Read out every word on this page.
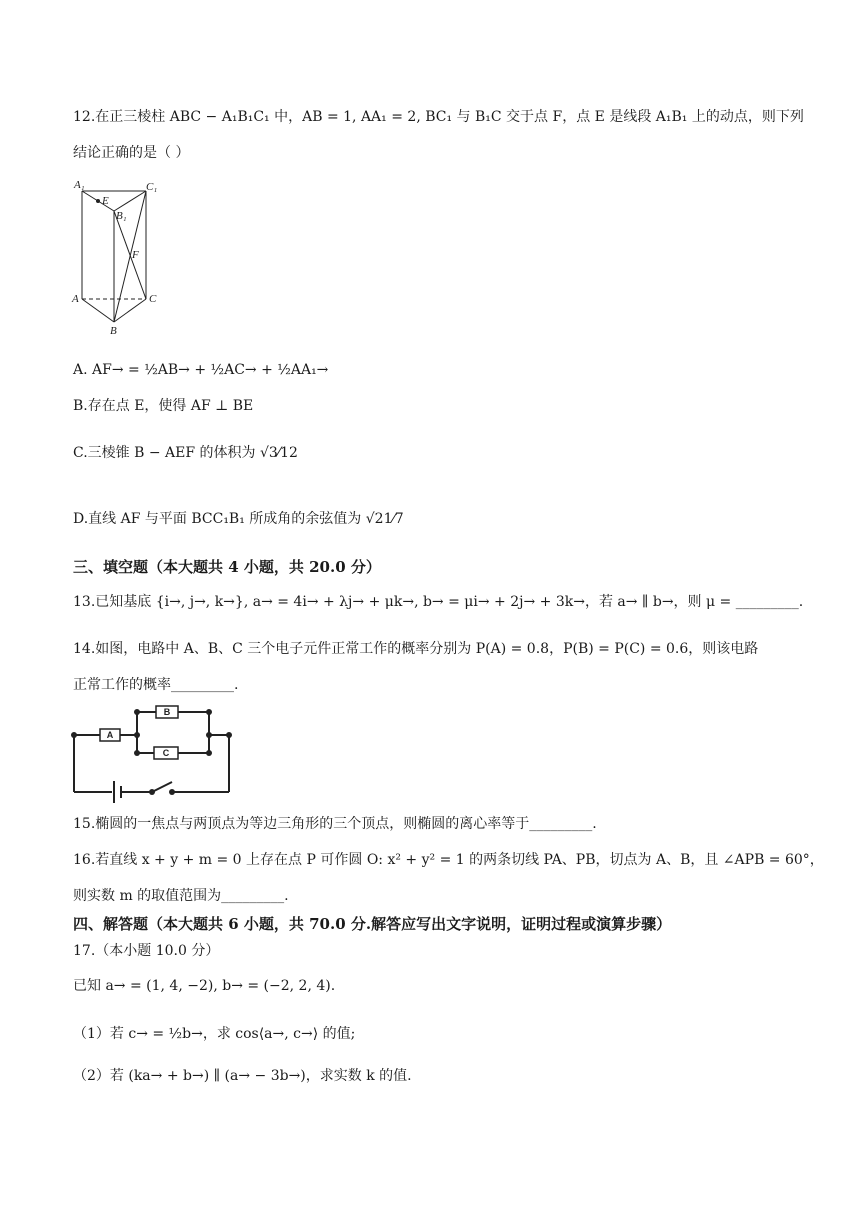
12.在正三棱柱 ABC − A₁B₁C₁ 中，AB = 1, AA₁ = 2, BC₁ 与 B₁C 交于点 F，点 E 是线段 A₁B₁ 上的动点，则下列
结论正确的是（ ）
A₁
E
B₁
C₁
F
A	C
B
A. AF→ = ½AB→ + ½AC→ + ½AA₁→
B.存在点 E，使得 AF ⊥ BE
C.三棱锥 B − AEF 的体积为 √3⁄12
D.直线 AF 与平面 BCC₁B₁ 所成角的余弦值为 √21⁄7
三、填空题（本大题共 4 小题，共 20.0 分）
13.已知基底 {i→, j→, k→}, a→ = 4i→ + λj→ + μk→, b→ = μi→ + 2j→ + 3k→，若 a→ ∥ b→，则 μ = _________.
14.如图，电路中 A、B、C 三个电子元件正常工作的概率分别为 P(A) = 0.8，P(B) = P(C) = 0.6，则该电路
正常工作的概率_________.
A
B
C
15.椭圆的一焦点与两顶点为等边三角形的三个顶点，则椭圆的离心率等于_________.
16.若直线 x + y + m = 0 上存在点 P 可作圆 O: x² + y² = 1 的两条切线 PA、PB，切点为 A、B，且 ∠APB = 60°，
则实数 m 的取值范围为_________.
四、解答题（本大题共 6 小题，共 70.0 分.解答应写出文字说明，证明过程或演算步骤）
17.（本小题 10.0 分）
已知 a→ = (1, 4, −2), b→ = (−2, 2, 4).
（1）若 c→ = ½b→，求 cos⟨a→, c→⟩ 的值;
（2）若 (ka→ + b→) ∥ (a→ − 3b→)，求实数 k 的值.
